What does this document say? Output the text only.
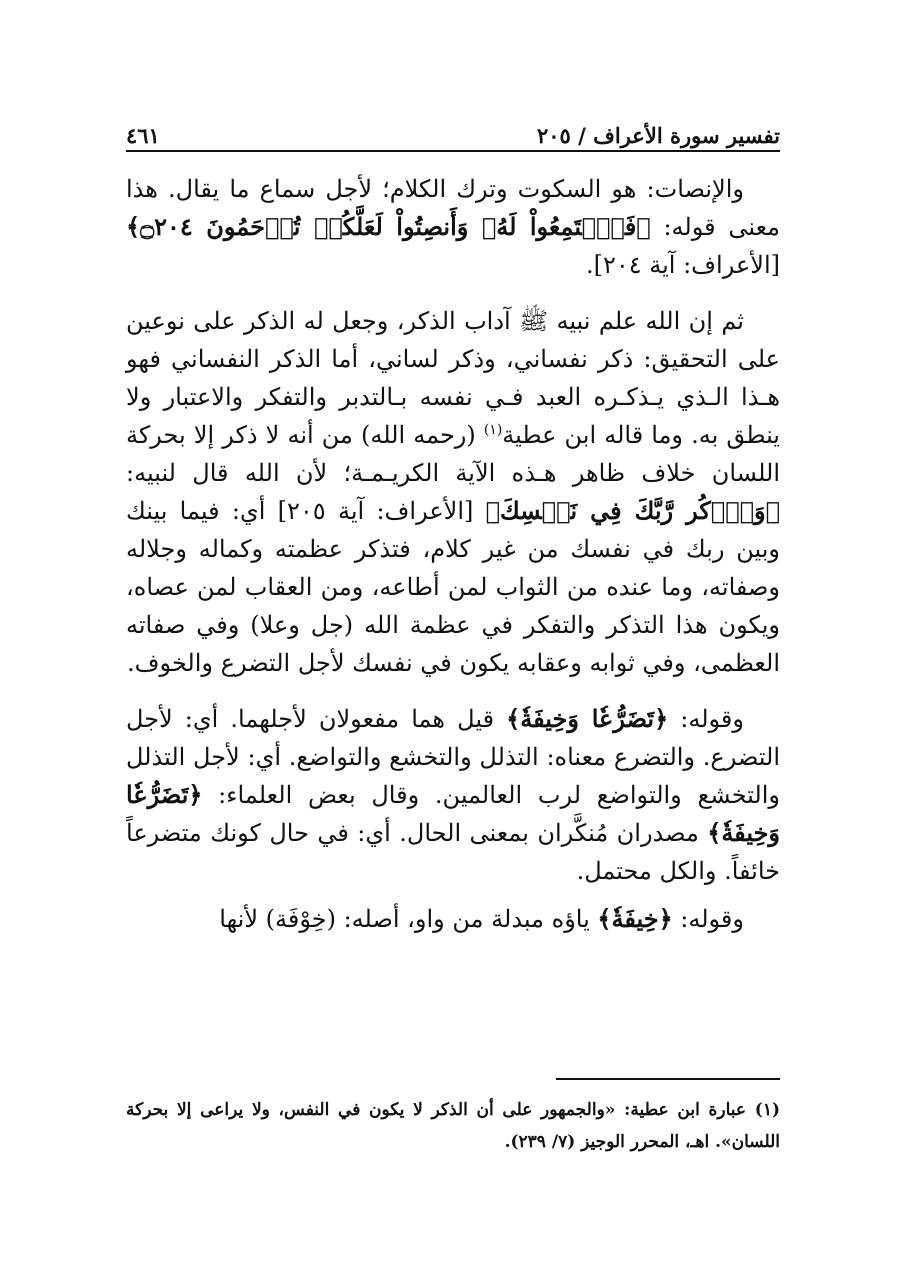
تفسير سورة الأعراف / ٢٠٥
٤٦١

والإنصات: هو السكوت وترك الكلام؛ لأجل سماع ما يقال. هذا معنى قوله: ﴿فَٱسۡتَمِعُواْ لَهُۥ وَأَنصِتُواْ لَعَلَّكُمۡ تُرۡحَمُونَ ۝٢٠٤﴾ [الأعراف: آية ٢٠٤].

ثم إن الله علم نبيه ﷺ آداب الذكر، وجعل له الذكر على نوعين على التحقيق: ذكر نفساني، وذكر لساني، أما الذكر النفساني فهو هـذا الـذي يـذكـره العبد فـي نفسه بـالتدبر والتفكر والاعتبار ولا ينطق به. وما قاله ابن عطية$^{(١)}$ (رحمه الله) من أنه لا ذكر إلا بحركة اللسان خلاف ظاهر هـذه الآية الكريـمـة؛ لأن الله قال لنبيه: ﴿وَٱذۡكُر رَّبَّكَ فِي نَفۡسِكَ﴾ [الأعراف: آية ٢٠٥] أي: فيما بينك وبين ربك في نفسك من غير كلام، فتذكر عظمته وكماله وجلاله وصفاته، وما عنده من الثواب لمن أطاعه، ومن العقاب لمن عصاه، ويكون هذا التذكر والتفكر في عظمة الله (جل وعلا) وفي صفاته العظمى، وفي ثوابه وعقابه يكون في نفسك لأجل التضرع والخوف.

وقوله: ﴿تَضَرُّعٗا وَخِيفَةٗ﴾ قيل هما مفعولان لأجلهما. أي: لأجل التضرع. والتضرع معناه: التذلل والتخشع والتواضع. أي: لأجل التذلل والتخشع والتواضع لرب العالمين. وقال بعض العلماء: ﴿تَضَرُّعٗا وَخِيفَةٗ﴾ مصدران مُنكَّران بمعنى الحال. أي: في حال كونك متضرعاً خائفاً. والكل محتمل.

وقوله: ﴿خِيفَةٗ﴾ ياؤه مبدلة من واو، أصله: (خِوْفَة) لأنها

(١) عبارة ابن عطية: «والجمهور على أن الذكر لا يكون في النفس، ولا يراعى إلا بحركة اللسان». اهـ، المحرر الوجيز (٧/ ٢٣٩).
